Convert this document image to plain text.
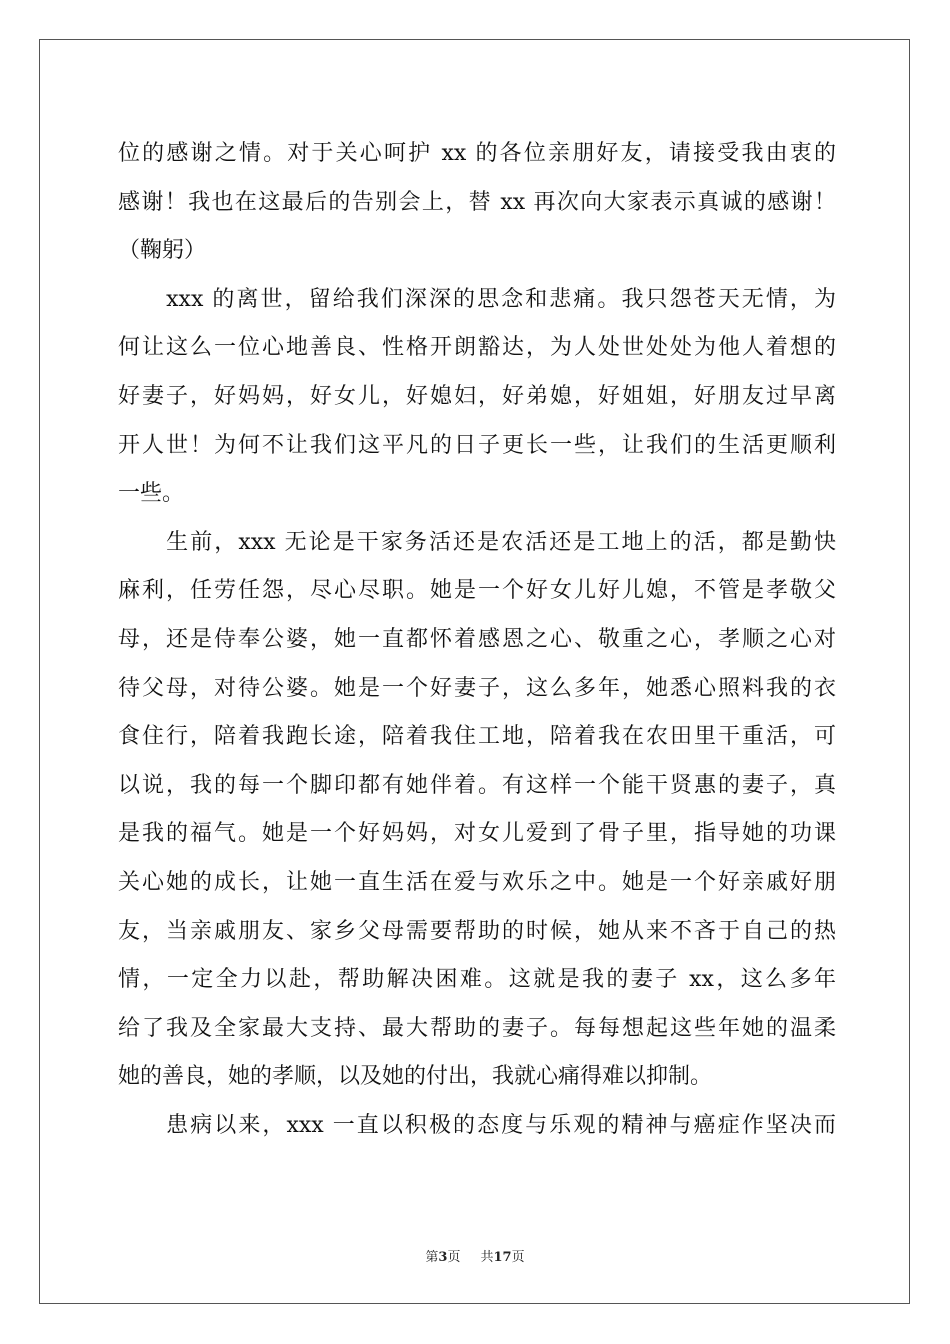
位的感谢之情。对于关心呵护 xx 的各位亲朋好友，请接受我由衷的
感谢！我也在这最后的告别会上，替 xx 再次向大家表示真诚的感谢！
（鞠躬）
　　xxx 的离世，留给我们深深的思念和悲痛。我只怨苍天无情，为
何让这么一位心地善良、性格开朗豁达，为人处世处处为他人着想的
好妻子，好妈妈，好女儿，好媳妇，好弟媳，好姐姐，好朋友过早离
开人世！为何不让我们这平凡的日子更长一些，让我们的生活更顺利
一些。
　　生前，xxx 无论是干家务活还是农活还是工地上的活，都是勤快
麻利，任劳任怨，尽心尽职。她是一个好女儿好儿媳，不管是孝敬父
母，还是侍奉公婆，她一直都怀着感恩之心、敬重之心，孝顺之心对
待父母，对待公婆。她是一个好妻子，这么多年，她悉心照料我的衣
食住行，陪着我跑长途，陪着我住工地，陪着我在农田里干重活，可
以说，我的每一个脚印都有她伴着。有这样一个能干贤惠的妻子，真
是我的福气。她是一个好妈妈，对女儿爱到了骨子里，指导她的功课
关心她的成长，让她一直生活在爱与欢乐之中。她是一个好亲戚好朋
友，当亲戚朋友、家乡父母需要帮助的时候，她从来不吝于自己的热
情，一定全力以赴，帮助解决困难。这就是我的妻子 xx，这么多年
给了我及全家最大支持、最大帮助的妻子。每每想起这些年她的温柔
她的善良，她的孝顺，以及她的付出，我就心痛得难以抑制。
　　患病以来，xxx 一直以积极的态度与乐观的精神与癌症作坚决而
第3页 共17页
